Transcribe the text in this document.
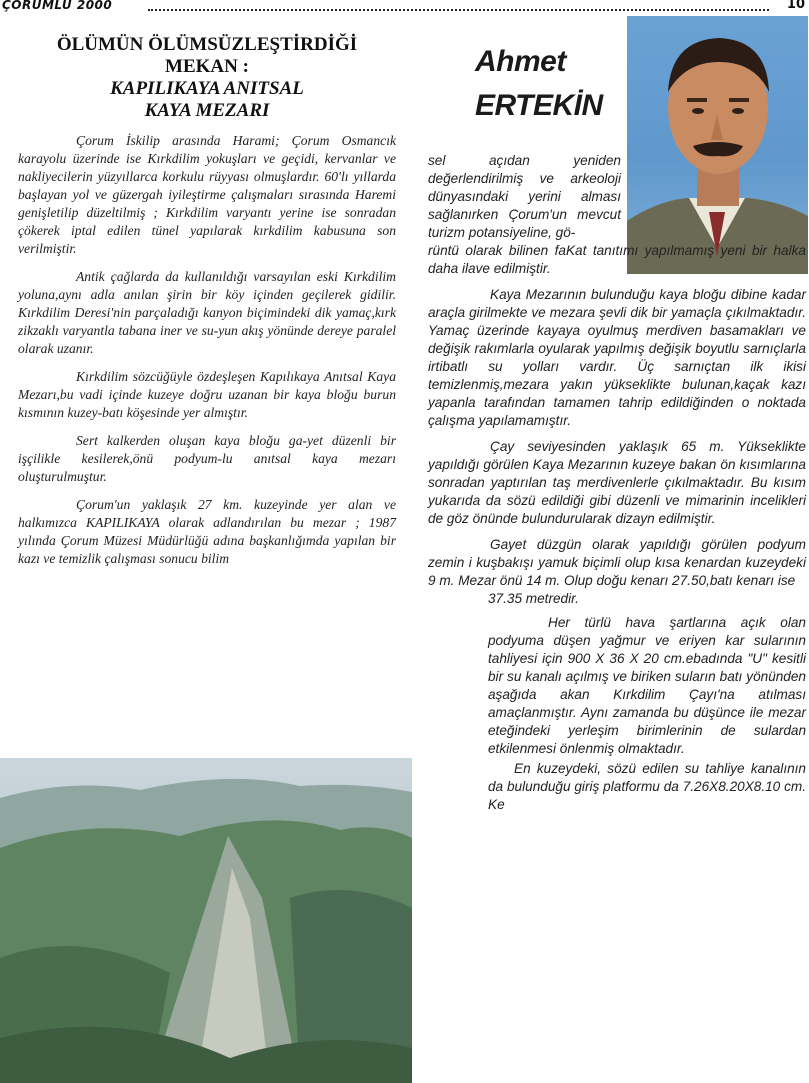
ÇORUMLU 2000	10
ÖLÜMÜN ÖLÜMSÜZLEŞTİRDİĞİ
MEKAN :

KAPILIKAYA ANITSAL
KAYA MEZARI

Çorum İskilip arasında Harami; Çorum Osmancık karayolu üzerinde ise Kırkdilim yokuşları ve geçidi, kervanlar ve nakliyecilerin yüzyıllarca korkulu rüyyası olmuşlardır. 60'lı yıllarda başlayan yol ve güzergah iyileştirme çalışmaları sırasında Haremi genişletilip düzeltilmiş ; Kırkdilim varyantı yerine ise sonradan çökerek iptal edilen tünel yapılarak kırkdilim kabusuna son verilmiştir.

Antik çağlarda da kullanıldığı varsayılan eski Kırkdilim yoluna,aynı adla anılan şirin bir köy içinden geçilerek gidilir. Kırkdilim Deresi'nin parçaladığı kanyon biçimindeki dik yamaç,kırk zikzaklı varyantla tabana iner ve su-yun akış yönünde dereye paralel olarak uzanır.

Kırkdilim sözcüğüyle özdeşleşen Kapılıkaya Anıtsal Kaya Mezarı,bu vadi içinde kuzeye doğru uzanan bir kaya bloğu burun kısmının kuzey-batı köşesinde yer almıştır.

Sert kalkerden oluşan kaya bloğu ga-yet düzenli bir işçilikle kesilerek,önü podyum-lu anıtsal kaya mezarı oluşturulmuştur.

Çorum'un yaklaşık 27 km. kuzeyinde yer alan ve halkımızca KAPILIKAYA olarak adlandırılan bu mezar ; 1987 yılında Çorum Müzesi Müdürlüğü adına başkanlığımda yapılan bir kazı ve temizlik çalışması sonucu bilim

Ahmet ERTEKİN

sel açıdan yeniden değerlendirilmiş ve arkeoloji dünyasındaki yerini alması sağlanırken Çorum'un mevcut turizm potansiyeline, gö-

rüntü olarak bilinen faKat tanıtımı yapılmamış yeni bir halka daha ilave edilmiştir.

Kaya Mezarının bulunduğu kaya bloğu dibine kadar araçla girilmekte ve mezara şevli dik bir yamaçla çıkılmaktadır. Yamaç üzerinde kayaya oyulmuş merdiven basamakları ve değişik rakımlarla oyularak yapılmış değişik boyutlu sarnıçlarla irtibatlı su yolları vardır. Üç sarnıçtan ilk ikisi temizlenmiş,mezara yakın yükseklikte bulunan,kaçak kazı yapanla tarafından tamamen tahrip edildiğinden o noktada çalışma yapılamamıştır.

Çay seviyesinden yaklaşık 65 m. Yükseklikte yapıldığı görülen Kaya Mezarının kuzeye bakan ön kısımlarına sonradan yaptırılan taş merdivenlerle çıkılmaktadır. Bu kısım yukarıda da sözü edildiği gibi düzenli ve mimarinin incelikleri de göz önünde bulundurularak dizayn edilmiştir.

Gayet düzgün olarak yapıldığı görülen podyum zemin i kuşbakışı yamuk biçimli olup kısa kenardan kuzeydeki 9 m. Mezar önü 14 m. Olup doğu kenarı 27.50,batı kenarı ise

37.35 metredir.

Her türlü hava şartlarına açık olan podyuma düşen yağmur ve eriyen kar sularının tahliyesi için 900 X 36 X 20 cm.ebadında "U" kesitli bir su kanalı açılmış ve biriken suların batı yönünden aşağıda akan Kırkdilim Çayı'na atılması amaçlanmıştır. Aynı zamanda bu düşünce ile mezar eteğindeki yerleşim birimlerinin de sulardan etkilenmesi önlenmiş olmaktadır.

En kuzeydeki, sözü edilen su tahliye kanalının da bulunduğu giriş platformu da 7.26X8.20X8.10 cm. Ke
